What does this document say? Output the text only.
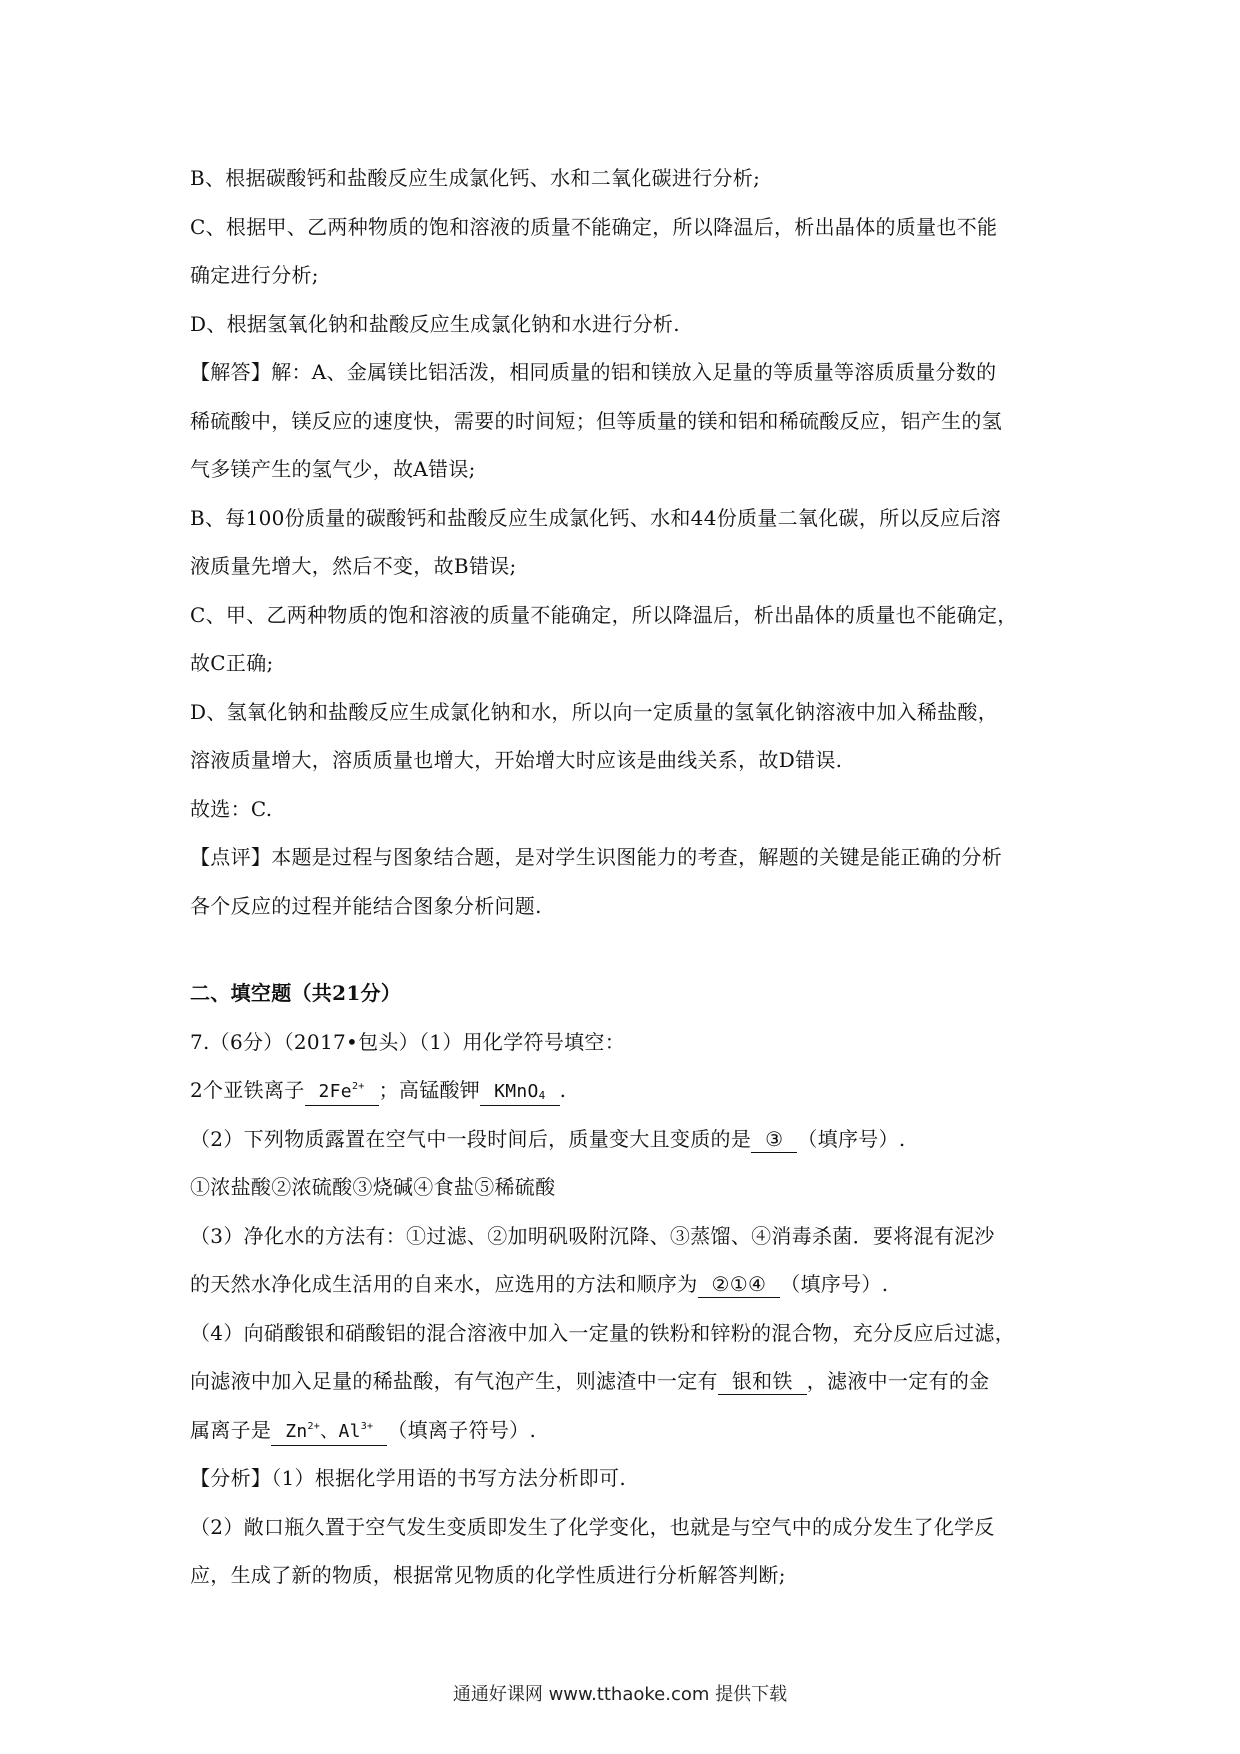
B、根据碳酸钙和盐酸反应生成氯化钙、水和二氧化碳进行分析;
C、根据甲、乙两种物质的饱和溶液的质量不能确定，所以降温后，析出晶体的质量也不能
确定进行分析;
D、根据氢氧化钠和盐酸反应生成氯化钠和水进行分析.
【解答】解：A、金属镁比铝活泼，相同质量的铝和镁放入足量的等质量等溶质质量分数的
稀硫酸中，镁反应的速度快，需要的时间短；但等质量的镁和铝和稀硫酸反应，铝产生的氢
气多镁产生的氢气少，故A错误;
B、每100份质量的碳酸钙和盐酸反应生成氯化钙、水和44份质量二氧化碳，所以反应后溶
液质量先增大，然后不变，故B错误;
C、甲、乙两种物质的饱和溶液的质量不能确定，所以降温后，析出晶体的质量也不能确定，
故C正确;
D、氢氧化钠和盐酸反应生成氯化钠和水，所以向一定质量的氢氧化钠溶液中加入稀盐酸，
溶液质量增大，溶质质量也增大，开始增大时应该是曲线关系，故D错误.
故选：C.
【点评】本题是过程与图象结合题，是对学生识图能力的考查，解题的关键是能正确的分析
各个反应的过程并能结合图象分析问题.
二、填空题（共21分）
7.（6分）（2017•包头）（1）用化学符号填空：
2个亚铁离子 $2Fe^{2+}$ ；高锰酸钾 KMnO$_4$ .
（2）下列物质露置在空气中一段时间后，质量变大且变质的是 ③ （填序号）.
①浓盐酸②浓硫酸③烧碱④食盐⑤稀硫酸
（3）净化水的方法有：①过滤、②加明矾吸附沉降、③蒸馏、④消毒杀菌．要将混有泥沙
的天然水净化成生活用的自来水，应选用的方法和顺序为 ②①④ （填序号）.
（4）向硝酸银和硝酸铝的混合溶液中加入一定量的铁粉和锌粉的混合物，充分反应后过滤，
向滤液中加入足量的稀盐酸，有气泡产生，则滤渣中一定有 银和铁 ，滤液中一定有的金
属离子是 $Zn^{2+}$、$Al^{3+}$ （填离子符号）.
【分析】（1）根据化学用语的书写方法分析即可.
（2）敞口瓶久置于空气发生变质即发生了化学变化，也就是与空气中的成分发生了化学反
应，生成了新的物质，根据常见物质的化学性质进行分析解答判断;
通通好课网 www.tthaoke.com 提供下载
